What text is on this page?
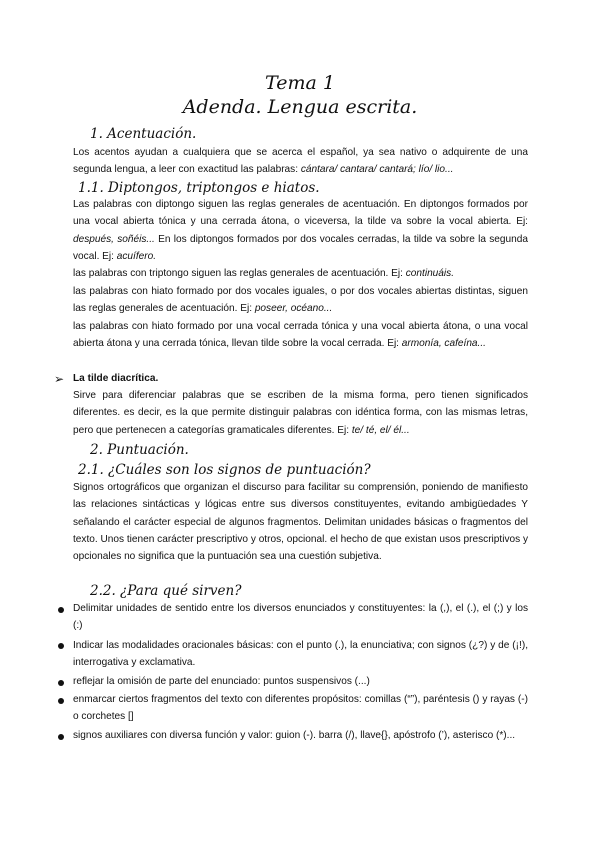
Tema 1
Adenda. Lengua escrita.
1. Acentuación.
Los acentos ayudan a cualquiera que se acerca el español, ya sea nativo o adquirente de una segunda lengua, a leer con exactitud las palabras: cántara/ cantara/ cantará; lío/ lio...
1.1. Diptongos, triptongos e hiatos.
Las palabras con diptongo siguen las reglas generales de acentuación. En diptongos formados por una vocal abierta tónica y una cerrada átona, o viceversa, la tilde va sobre la vocal abierta. Ej: después, soñéis... En los diptongos formados por dos vocales cerradas, la tilde va sobre la segunda vocal. Ej: acuífero.
las palabras con triptongo siguen las reglas generales de acentuación. Ej: continuáis.
las palabras con hiato formado por dos vocales iguales, o por dos vocales abiertas distintas, siguen las reglas generales de acentuación. Ej: poseer, océano...
las palabras con hiato formado por una vocal cerrada tónica y una vocal abierta átona, o una vocal abierta átona y una cerrada tónica, llevan tilde sobre la vocal cerrada. Ej: armonía, cafeína...
➢ La tilde diacrítica.
Sirve para diferenciar palabras que se escriben de la misma forma, pero tienen significados diferentes. es decir, es la que permite distinguir palabras con idéntica forma, con las mismas letras, pero que pertenecen a categorías gramaticales diferentes. Ej: te/ té, el/ él...
2. Puntuación.
2.1. ¿Cuáles son los signos de puntuación?
Signos ortográficos que organizan el discurso para facilitar su comprensión, poniendo de manifiesto las relaciones sintácticas y lógicas entre sus diversos constituyentes, evitando ambigüedades Y señalando el carácter especial de algunos fragmentos. Delimitan unidades básicas o fragmentos del texto. Unos tienen carácter prescriptivo y otros, opcional. el hecho de que existan usos prescriptivos y opcionales no significa que la puntuación sea una cuestión subjetiva.
2.2. ¿Para qué sirven?
Delimitar unidades de sentido entre los diversos enunciados y constituyentes: la (,), el (.), el (;) y los (:)
Indicar las modalidades oracionales básicas: con el punto (.), la enunciativa; con signos (¿?) y de (¡!), interrogativa y exclamativa.
reflejar la omisión de parte del enunciado: puntos suspensivos (...)
enmarcar ciertos fragmentos del texto con diferentes propósitos: comillas (“”), paréntesis () y rayas (-) o corchetes []
signos auxiliares con diversa función y valor: guion (-). barra (/), llave{}, apóstrofo (’), asterisco (*)...
